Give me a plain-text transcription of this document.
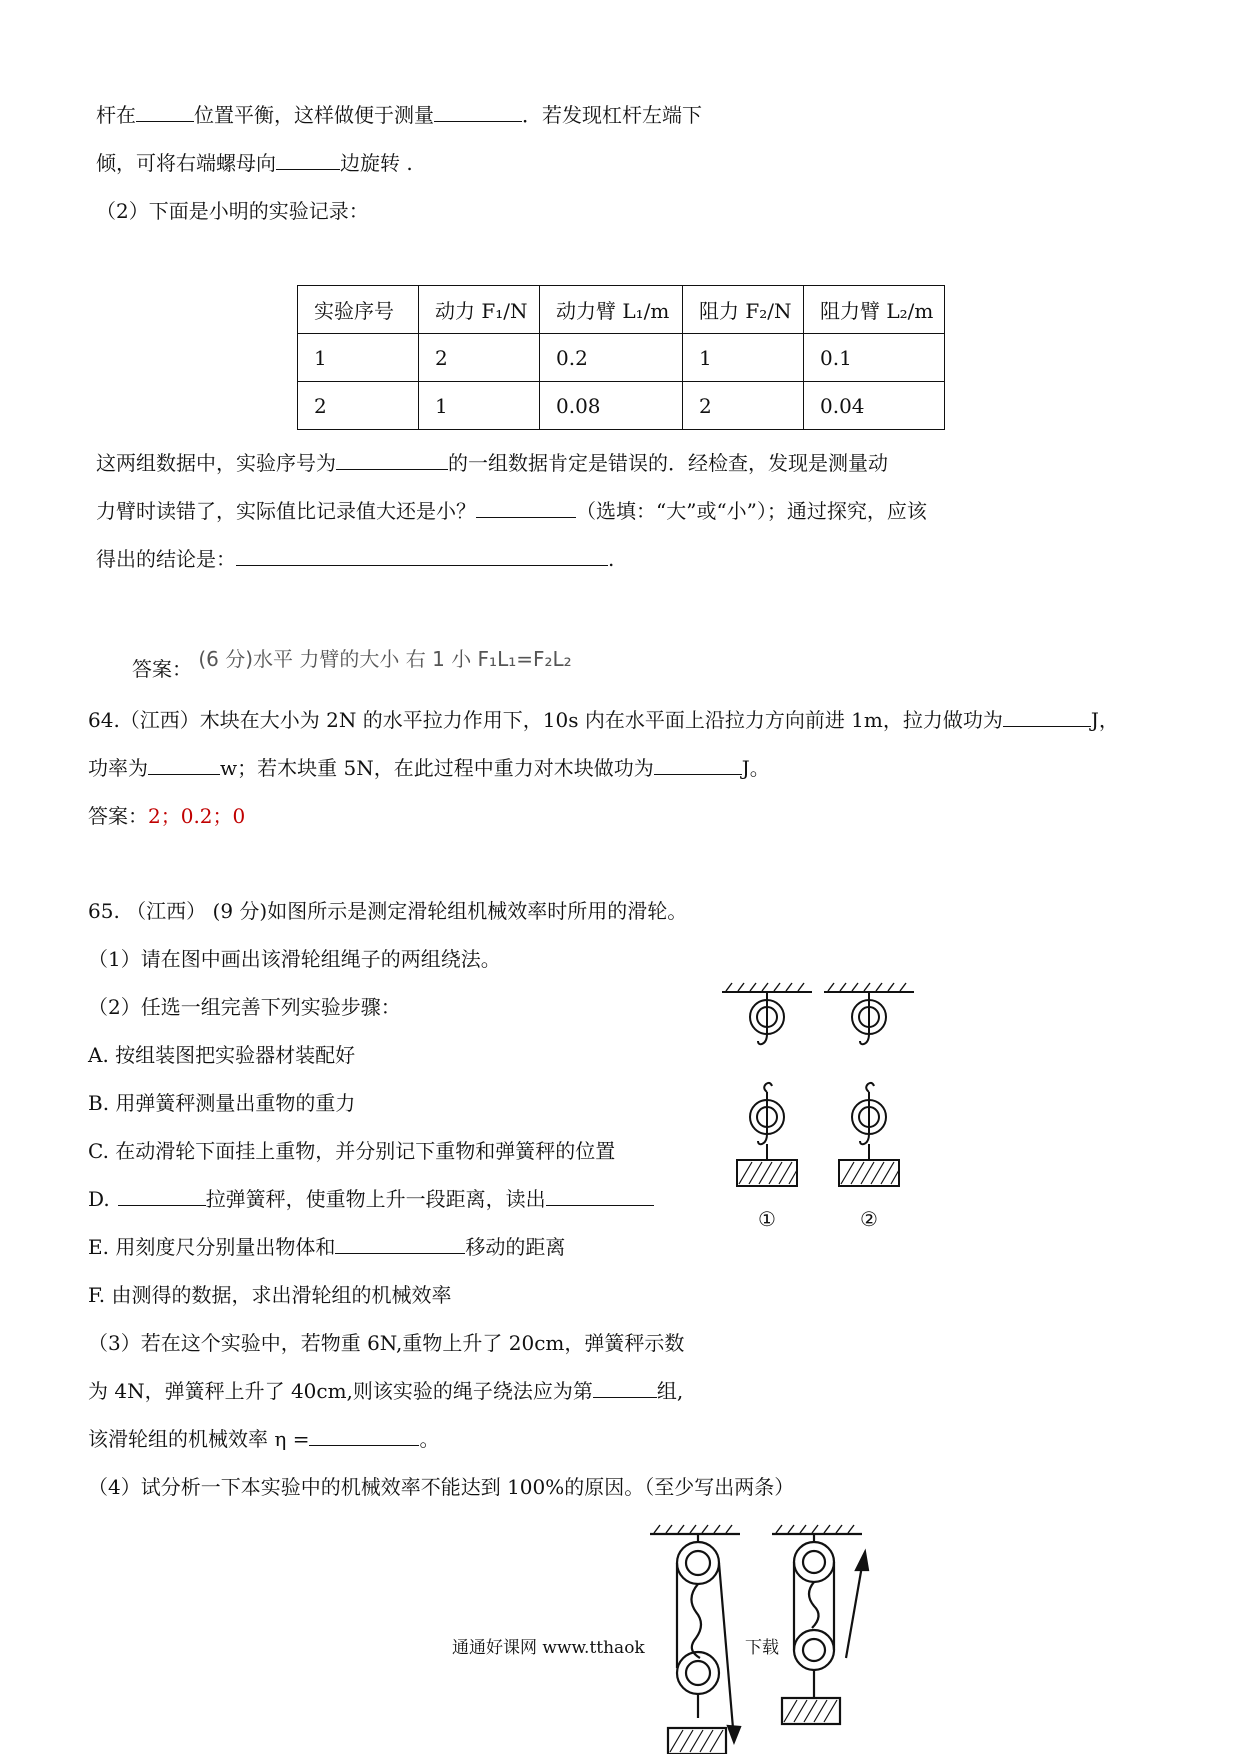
杆在	位置平衡，这样做便于测量	．若发现杠杆左端下
倾，可将右端螺母向	边旋转 .
（2）下面是小明的实验记录：
实验序号	动力 F₁/N	动力臂 L₁/m	阻力 F₂/N	阻力臂 L₂/m
1	2	0.2	1	0.1
2	1	0.08	2	0.04
这两组数据中，实验序号为	的一组数据肯定是错误的．经检查，发现是测量动
力臂时读错了，实际值比记录值大还是小？	（选填：“大”或“小”）；通过探究，应该
得出的结论是：	.
答案： (6 分)水平 力臂的大小 右 1 小 F₁L₁=F₂L₂
64.（江西）木块在大小为 2N 的水平拉力作用下，10s 内在水平面上沿拉力方向前进 1m，拉力做功为	J，
功率为	w；若木块重 5N，在此过程中重力对木块做功为	J。
答案：2；0.2；0
65. （江西） (9 分)如图所示是测定滑轮组机械效率时所用的滑轮。
（1）请在图中画出该滑轮组绳子的两组绕法。
（2）任选一组完善下列实验步骤：
A. 按组装图把实验器材装配好
B. 用弹簧秤测量出重物的重力
C. 在动滑轮下面挂上重物，并分别记下重物和弹簧秤的位置
D.	拉弹簧秤，使重物上升一段距离，读出
E. 用刻度尺分别量出物体和	移动的距离
F. 由测得的数据，求出滑轮组的机械效率
（3）若在这个实验中，若物重 6N,重物上升了 20cm，弹簧秤示数
为 4N，弹簧秤上升了 40cm,则该实验的绳子绕法应为第	组,
该滑轮组的机械效率 η =	。
（4）试分析一下本实验中的机械效率不能达到 100%的原因。（至少写出两条）
①	②
通通好课网 www.tthaok	下载
